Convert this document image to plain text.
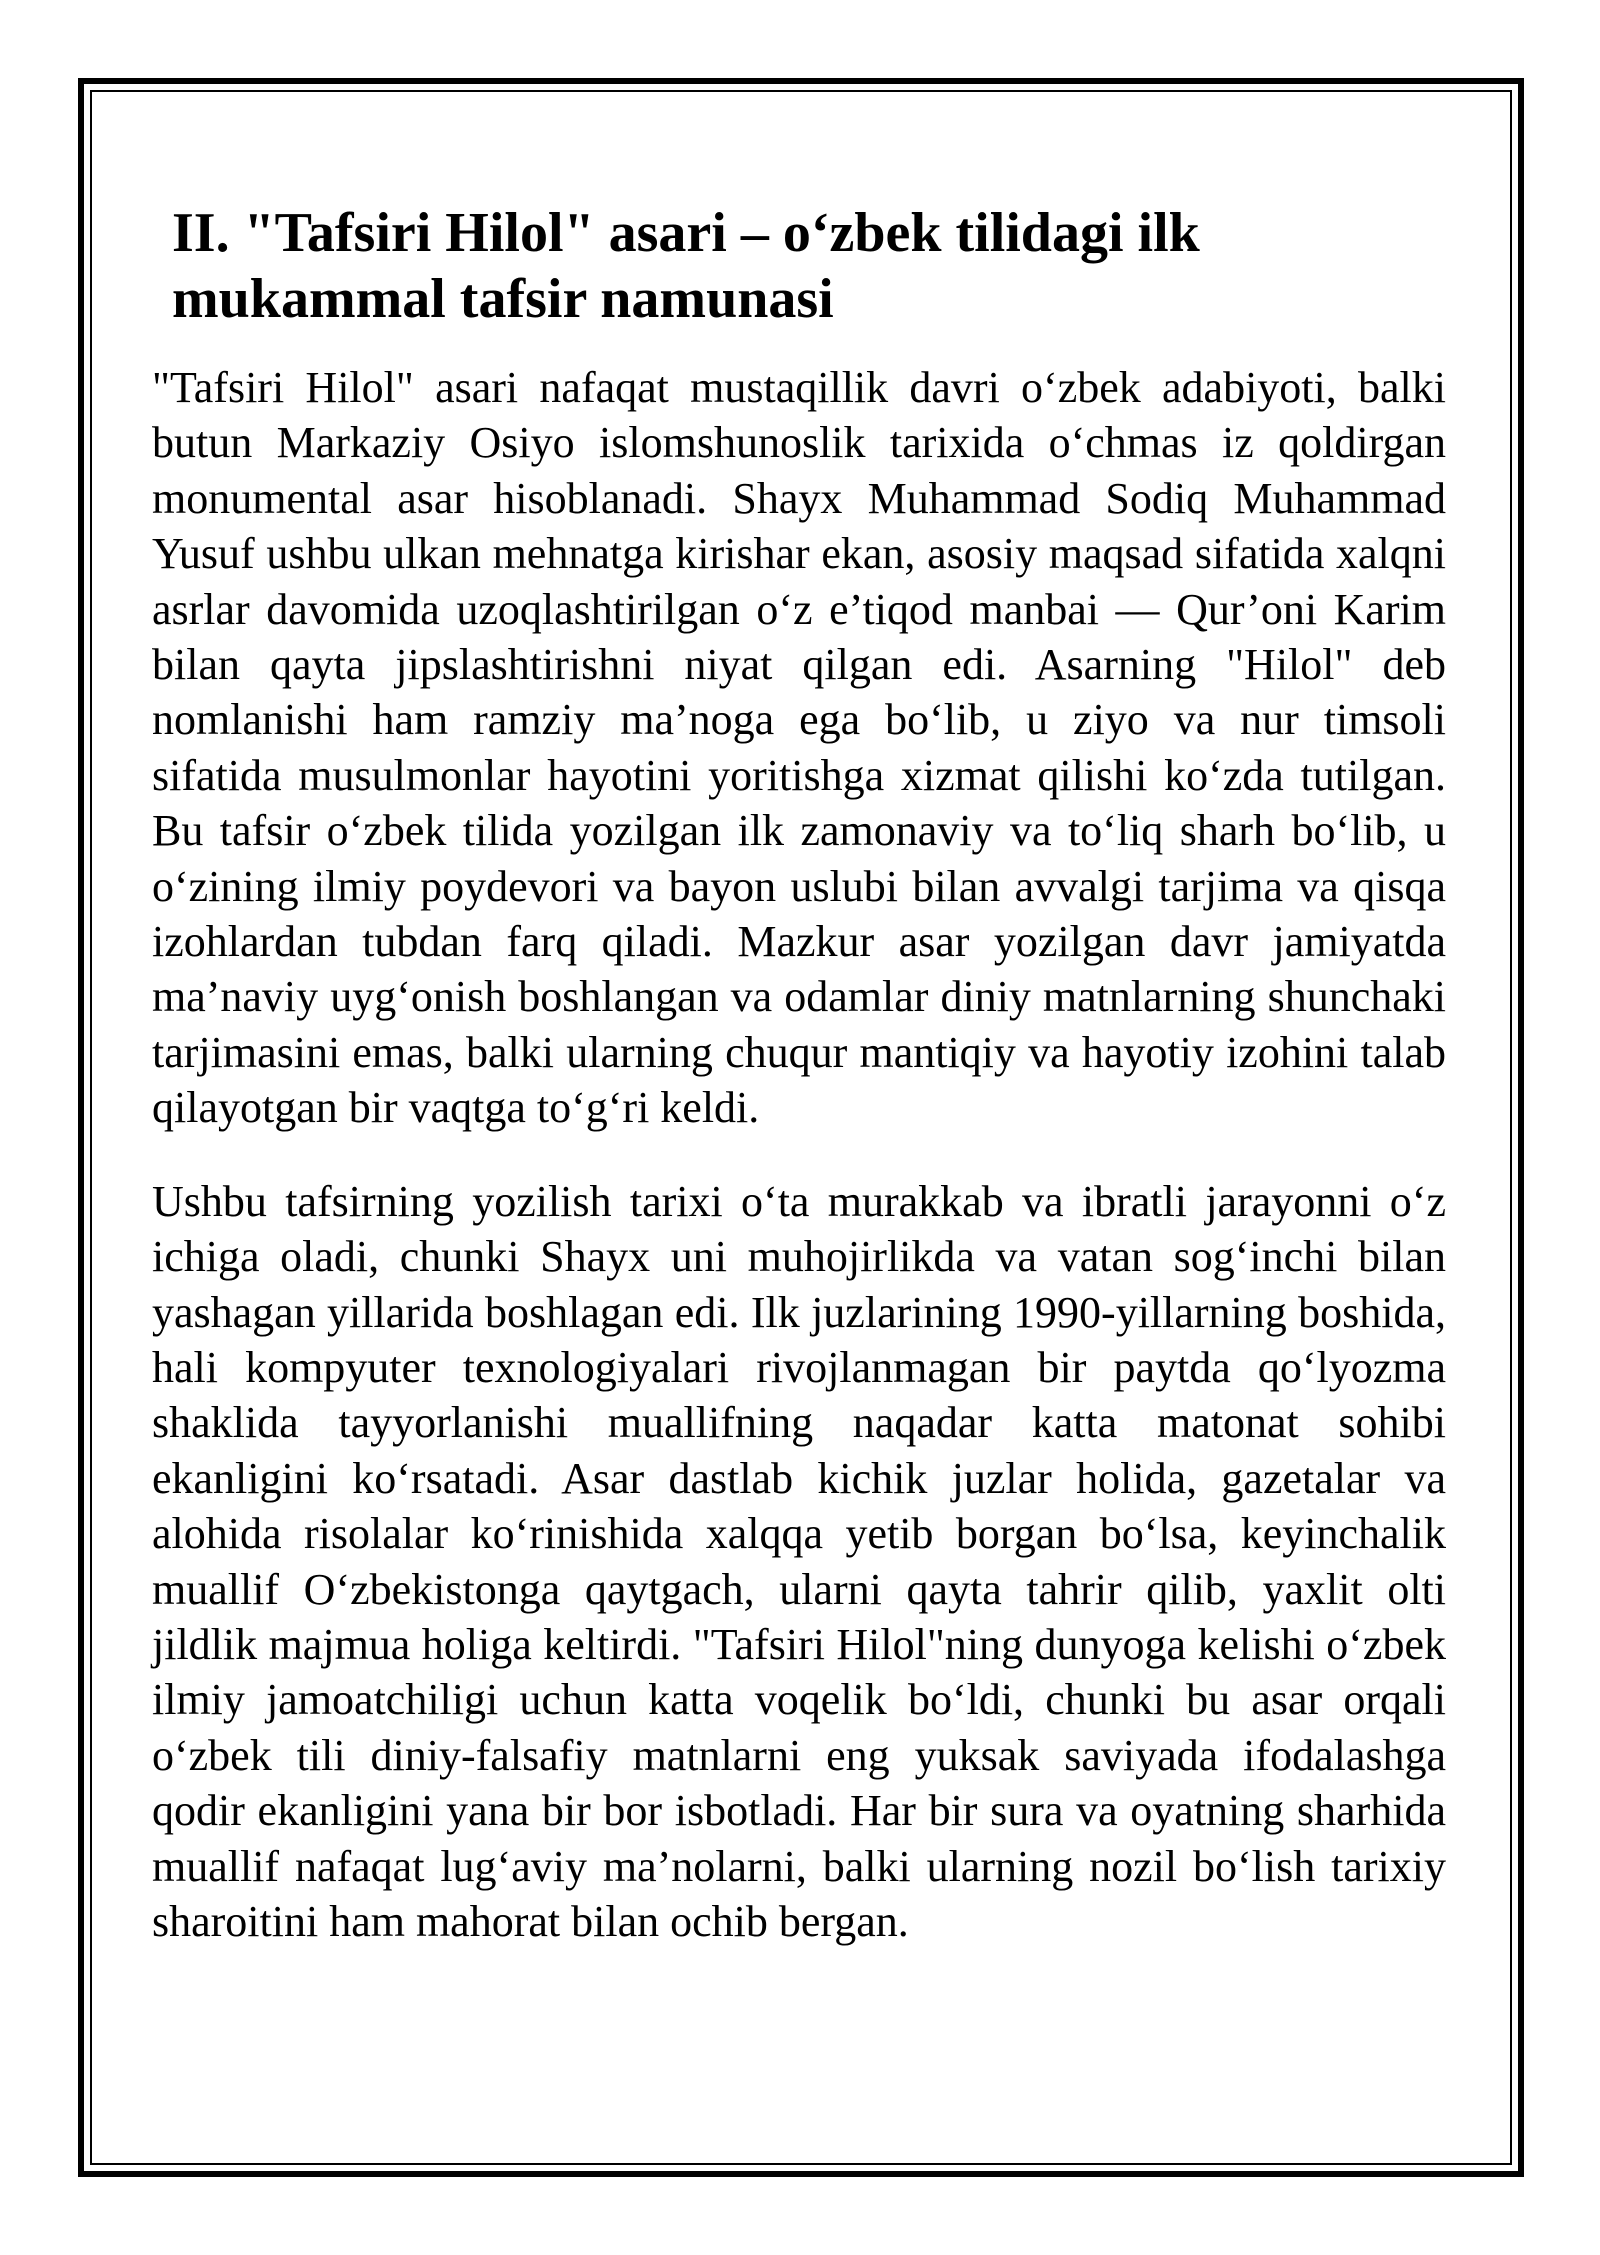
II. "Tafsiri Hilol" asari – o‘zbek tilidagi ilk mukammal tafsir namunasi

"Tafsiri Hilol" asari nafaqat mustaqillik davri o‘zbek adabiyoti, balki butun Markaziy Osiyo islomshunoslik tarixida o‘chmas iz qoldirgan monumental asar hisoblanadi. Shayx Muhammad Sodiq Muhammad Yusuf ushbu ulkan mehnatga kirishar ekan, asosiy maqsad sifatida xalqni asrlar davomida uzoqlashtirilgan o‘z e’tiqod manbai — Qur’oni Karim bilan qayta jipslashtirishni niyat qilgan edi. Asarning "Hilol" deb nomlanishi ham ramziy ma’noga ega bo‘lib, u ziyo va nur timsoli sifatida musulmonlar hayotini yoritishga xizmat qilishi ko‘zda tutilgan. Bu tafsir o‘zbek tilida yozilgan ilk zamonaviy va to‘liq sharh bo‘lib, u o‘zining ilmiy poydevori va bayon uslubi bilan avvalgi tarjima va qisqa izohlardan tubdan farq qiladi. Mazkur asar yozilgan davr jamiyatda ma’naviy uyg‘onish boshlangan va odamlar diniy matnlarning shunchaki tarjimasini emas, balki ularning chuqur mantiqiy va hayotiy izohini talab qilayotgan bir vaqtga to‘g‘ri keldi.

Ushbu tafsirning yozilish tarixi o‘ta murakkab va ibratli jarayonni o‘z ichiga oladi, chunki Shayx uni muhojirlikda va vatan sog‘inchi bilan yashagan yillarida boshlagan edi. Ilk juzlarining 1990-yillarning boshida, hali kompyuter texnologiyalari rivojlanmagan bir paytda qo‘lyozma shaklida tayyorlanishi muallifning naqadar katta matonat sohibi ekanligini ko‘rsatadi. Asar dastlab kichik juzlar holida, gazetalar va alohida risolalar ko‘rinishida xalqqa yetib borgan bo‘lsa, keyinchalik muallif O‘zbekistonga qaytgach, ularni qayta tahrir qilib, yaxlit olti jildlik majmua holiga keltirdi. "Tafsiri Hilol"ning dunyoga kelishi o‘zbek ilmiy jamoatchiligi uchun katta voqelik bo‘ldi, chunki bu asar orqali o‘zbek tili diniy-falsafiy matnlarni eng yuksak saviyada ifodalashga qodir ekanligini yana bir bor isbotladi. Har bir sura va oyatning sharhida muallif nafaqat lug‘aviy ma’nolarni, balki ularning nozil bo‘lish tarixiy sharoitini ham mahorat bilan ochib bergan.
